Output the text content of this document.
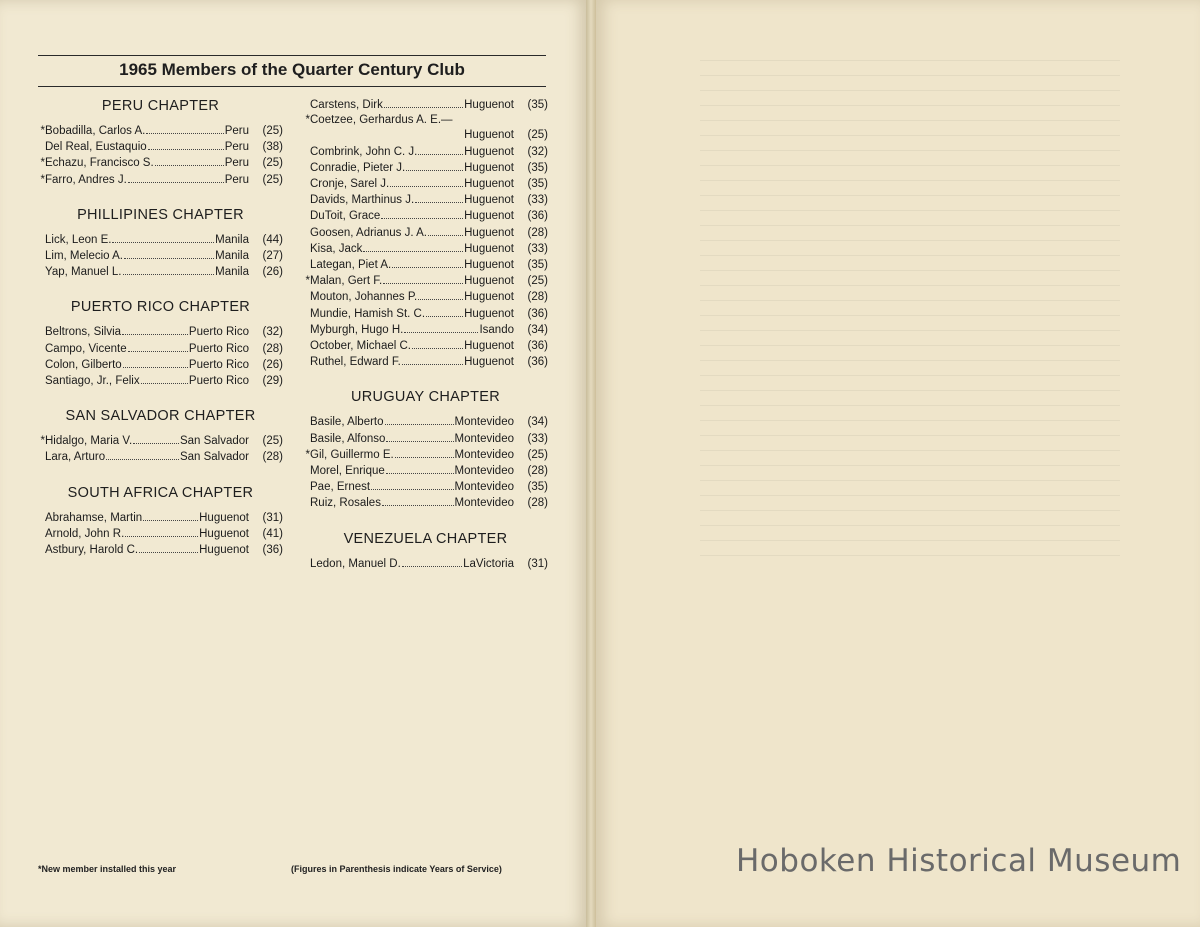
1965 Members of the Quarter Century Club
PERU CHAPTER
* Bobadilla, Carlos A.	Peru	(25)
Del Real, Eustaquio	Peru	(38)
* Echazu, Francisco S.	Peru	(25)
* Farro, Andres J.	Peru	(25)
PHILLIPINES CHAPTER
Lick, Leon E.	Manila	(44)
Lim, Melecio A.	Manila	(27)
Yap, Manuel L.	Manila	(26)
PUERTO RICO CHAPTER
Beltrons, Silvia	Puerto Rico	(32)
Campo, Vicente	Puerto Rico	(28)
Colon, Gilberto	Puerto Rico	(26)
Santiago, Jr., Felix	Puerto Rico	(29)
SAN SALVADOR CHAPTER
* Hidalgo, Maria V.	San Salvador	(25)
Lara, Arturo	San Salvador	(28)
SOUTH AFRICA CHAPTER
Abrahamse, Martin	Huguenot	(31)
Arnold, John R.	Huguenot	(41)
Astbury, Harold C.	Huguenot	(36)
Carstens, Dirk	Huguenot	(35)
* Coetzee, Gerhardus A. E.—
Huguenot	(25)
Combrink, John C. J.	Huguenot	(32)
Conradie, Pieter J.	Huguenot	(35)
Cronje, Sarel J.	Huguenot	(35)
Davids, Marthinus J.	Huguenot	(33)
DuToit, Grace	Huguenot	(36)
Goosen, Adrianus J. A.	Huguenot	(28)
Kisa, Jack	Huguenot	(33)
Lategan, Piet A.	Huguenot	(35)
* Malan, Gert F.	Huguenot	(25)
Mouton, Johannes P.	Huguenot	(28)
Mundie, Hamish St. C.	Huguenot	(36)
Myburgh, Hugo H.	Isando	(34)
October, Michael C.	Huguenot	(36)
Ruthel, Edward F.	Huguenot	(36)
URUGUAY CHAPTER
Basile, Alberto	Montevideo	(34)
Basile, Alfonso	Montevideo	(33)
* Gil, Guillermo E.	Montevideo	(25)
Morel, Enrique	Montevideo	(28)
Pae, Ernest	Montevideo	(35)
Ruiz, Rosales	Montevideo	(28)
VENEZUELA CHAPTER
Ledon, Manuel D.	LaVictoria	(31)
*New member installed this year	(Figures in Parenthesis indicate Years of Service)	Hoboken Historical Museum
